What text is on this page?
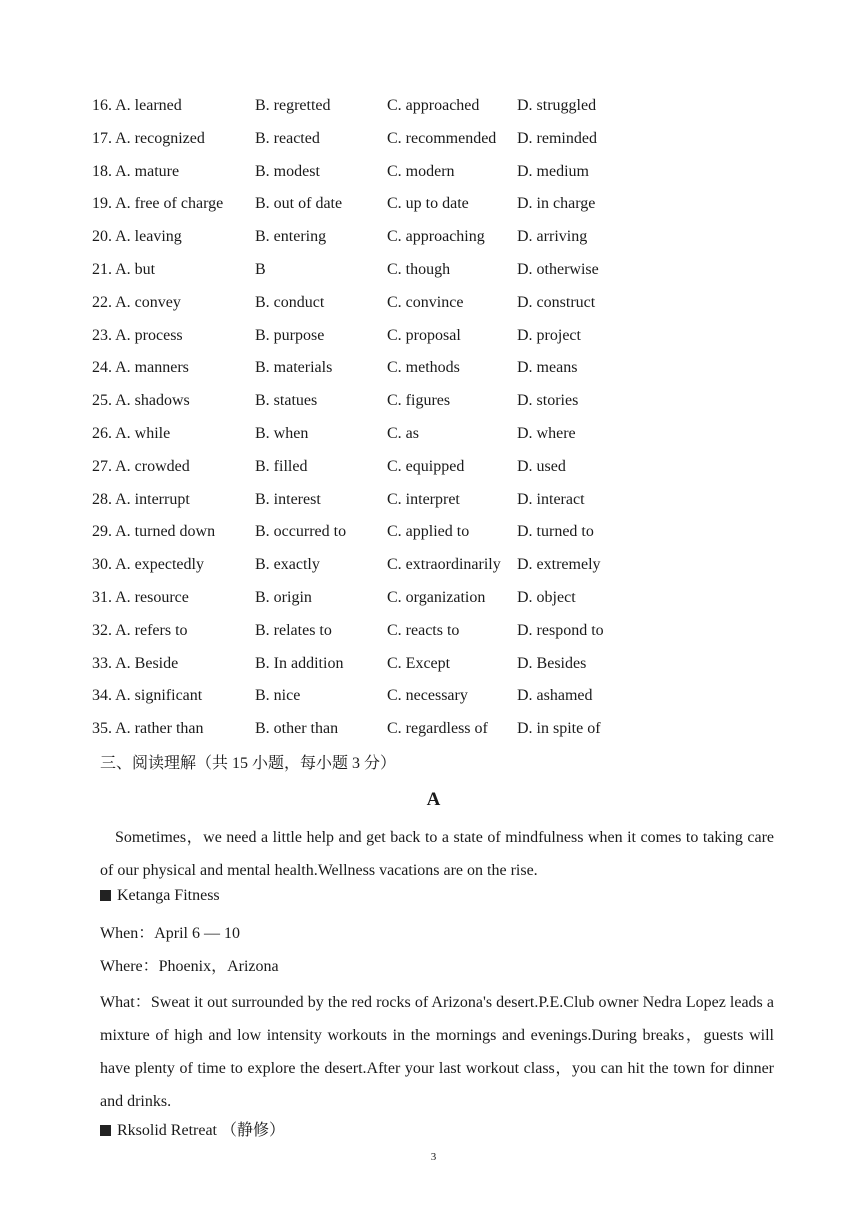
16. A. learned	B. regretted	C. approached D. struggled
17. A. recognized	B. reacted	C. recommended D. reminded
18. A. mature	B. modest	C. modern	D. medium
19. A. free of charge B. out of date	C. up to date	D. in charge
20. A. leaving	B. entering	C. approaching D. arriving
21. A. but	B	C. though	D. otherwise
22. A. convey	B. conduct	C. convince	D. construct
23. A. process	B. purpose	C. proposal	D. project
24. A. manners	B. materials	C. methods	D. means
25. A. shadows	B. statues	C. figures	D. stories
26. A. while	B. when	C. as	D. where
27. A. crowded	B. filled	C. equipped	D. used
28. A. interrupt	B. interest	C. interpret	D. interact
29. A. turned down B. occurred to	C. applied to	D. turned to
30. A. expectedly	B. exactly	C. extraordinarily D. extremely
31. A. resource	B. origin	C. organization D. object
32. A. refers to	B. relates to	C. reacts to	D. respond to
33. A. Beside	B. In addition	C. Except	D. Besides
34. A. significant	B. nice	C. necessary	D. ashamed
35. A. rather than	B. other than	C. regardless of D. in spite of
三、阅读理解（共 15 小题，每小题 3 分）
A
Sometimes，we need a little help and get back to a state of mindfulness when it comes to taking care of our physical and mental health.Wellness vacations are on the rise.
Ketanga Fitness
When：April 6 — 10
Where：Phoenix，Arizona
What：Sweat it out surrounded by the red rocks of Arizona's desert.P.E.Club owner Nedra Lopez leads a mixture of high and low intensity workouts in the mornings and evenings.During breaks，guests will have plenty of time to explore the desert.After your last workout class，you can hit the town for dinner and drinks.
Rksolid Retreat （静修）
3
